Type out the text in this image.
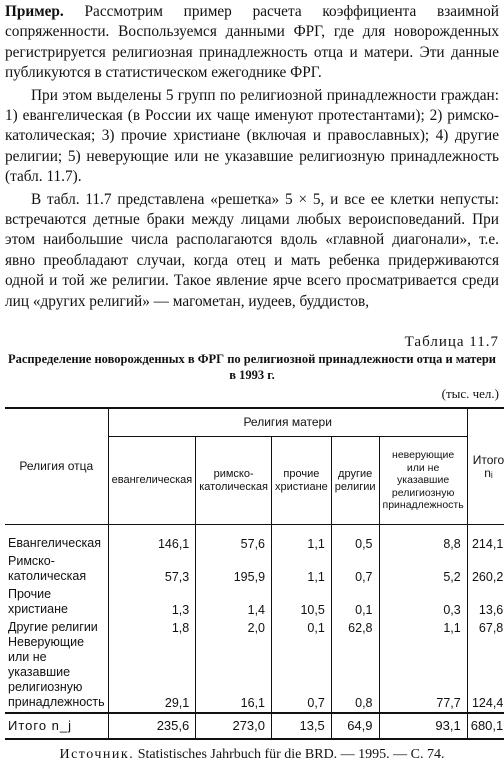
Пример. Рассмотрим пример расчета коэффициента взаимной сопряженности. Воспользуемся данными ФРГ, где для новорожденных регистрируется религиозная принадлежность отца и матери. Эти данные публикуются в статистическом ежегоднике ФРГ.

При этом выделены 5 групп по религиозной принадлежности граждан: 1) евангелическая (в России их чаще именуют протестантами); 2) римско-католическая; 3) прочие христиане (включая и православных); 4) другие религии; 5) неверующие или не указавшие религиозную принадлежность (табл. 11.7).

В табл. 11.7 представлена «решетка» 5 × 5, и все ее клетки непусты: встречаются детные браки между лицами любых вероисповеданий. При этом наибольшие числа располагаются вдоль «главной диагонали», т.е. явно преобладают случаи, когда отец и мать ребенка придерживаются одной и той же религии. Такое явление ярче всего просматривается среди лиц «других религий» — магометан, иудеев, буддистов,

Таблица 11.7
Распределение новорожденных в ФРГ по религиозной принадлежности отца и матери в 1993 г.
(тыс. чел.)
Религия отца	Религия матери					Итого nᵢ
	евангелическая	римско-католическая	прочие христиане	другие религии	неверующие или не указавшие религиозную принадлежность	
Евангелическая	146,1	57,6	1,1	0,5	8,8	214,1
Римско-католическая	57,3	195,9	1,1	0,7	5,2	260,2
Прочие христиане	1,3	1,4	10,5	0,1	0,3	13,6
Другие религии	1,8	2,0	0,1	62,8	1,1	67,8
Неверующие или не указавшие религиозную принадлежность	29,1	16,1	0,7	0,8	77,7	124,4
Итого n_j	235,6	273,0	13,5	64,9	93,1	680,1
Источник. Statistisches Jahrbuch für die BRD. — 1995. — С. 74.
